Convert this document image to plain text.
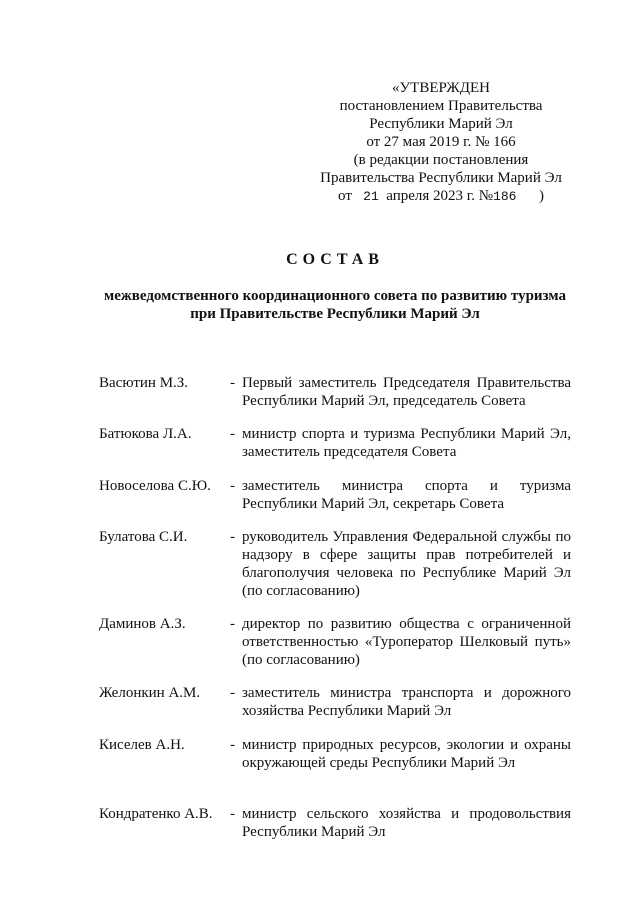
«УТВЕРЖДЕН
постановлением Правительства
Республики Марий Эл
от 27 мая 2019 г. № 166
(в редакции постановления
Правительства Республики Марий Эл
от 21 апреля 2023 г. №186 )
СОСТАВ
межведомственного координационного совета по развитию туризма
при Правительстве Республики Марий Эл
Васютин М.З.	- Первый заместитель Председателя Правительства Республики Марий Эл, председатель Совета
Батюкова Л.А.	- министр спорта и туризма Республики Марий Эл, заместитель председателя Совета
Новоселова С.Ю.	- заместитель министра спорта и туризма Республики Марий Эл, секретарь Совета
Булатова С.И.	- руководитель Управления Федеральной службы по надзору в сфере защиты прав потребителей и благополучия человека по Республике Марий Эл (по согласованию)
Даминов А.З.	- директор по развитию общества с ограниченной ответственностью «Туроператор Шелковый путь» (по согласованию)
Желонкин А.М.	- заместитель министра транспорта и дорожного хозяйства Республики Марий Эл
Киселев А.Н.	- министр природных ресурсов, экологии и охраны окружающей среды Республики Марий Эл
Кондратенко А.В.	- министр сельского хозяйства и продовольствия Республики Марий Эл
